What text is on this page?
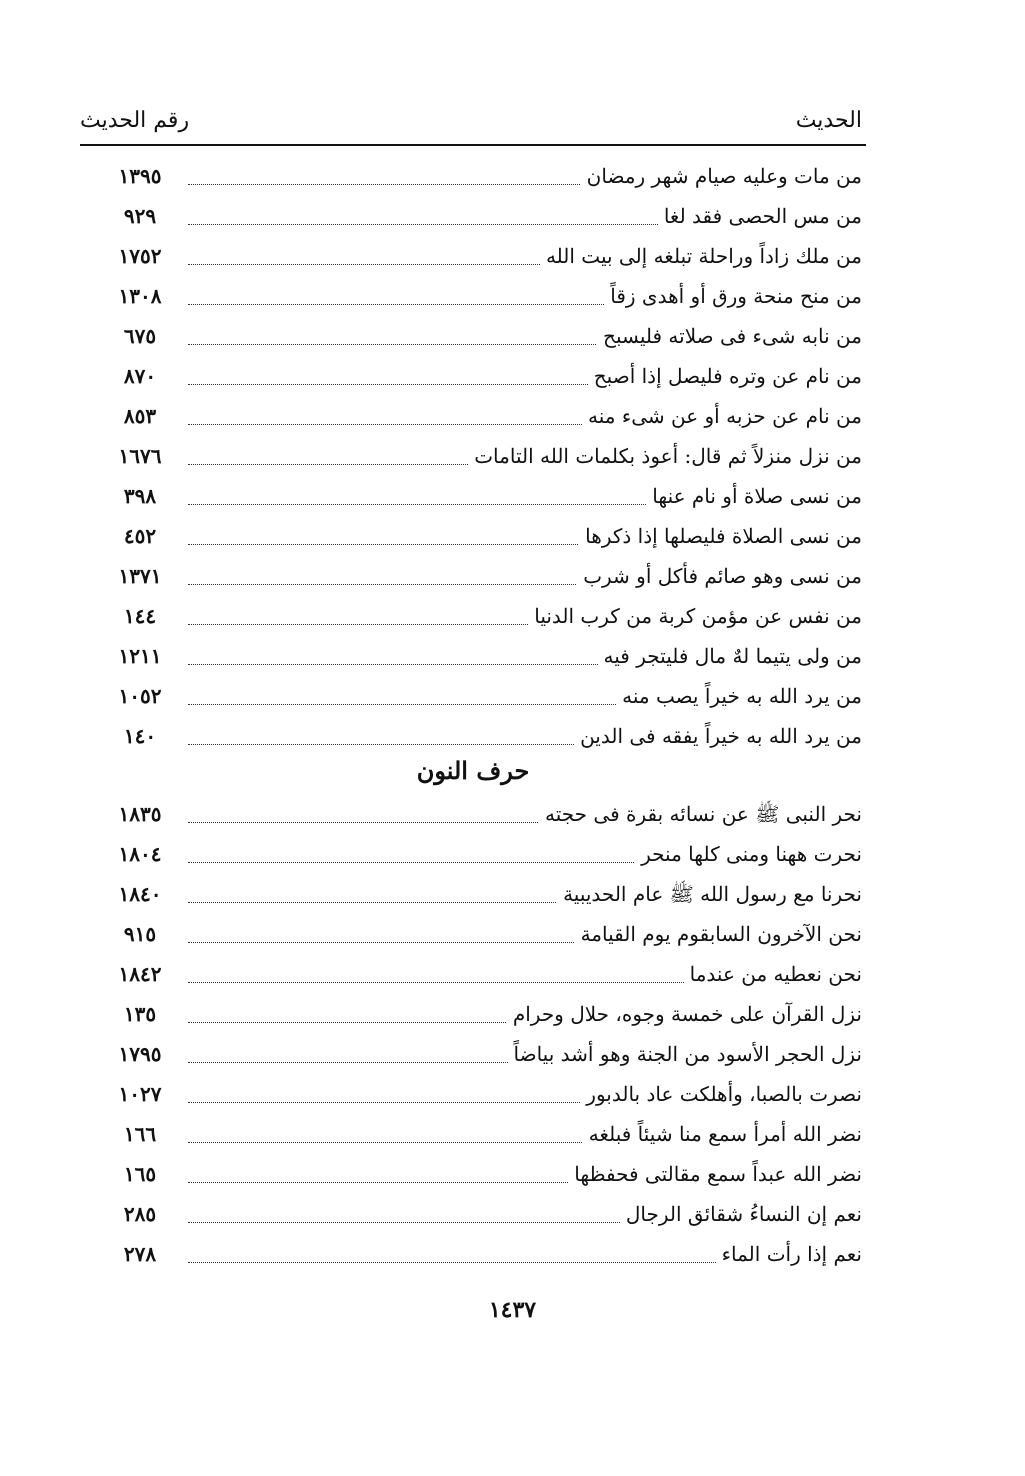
الحديث
رقم الحديث
من مات وعليه صيام شهر رمضان
١٣٩٥
من مس الحصى فقد لغا
٩٢٩
من ملك زاداً وراحلة تبلغه إلى بيت الله
١٧٥٢
من منح منحة ورق أو أهدى زقاً
١٣٠٨
من نابه شىء فى صلاته فليسبح
٦٧٥
من نام عن وتره فليصل إذا أصبح
٨٧٠
من نام عن حزبه أو عن شىء منه
٨٥٣
من نزل منزلاً ثم قال: أعوذ بكلمات الله التامات
١٦٧٦
من نسى صلاة أو نام عنها
٣٩٨
من نسى الصلاة فليصلها إذا ذكرها
٤٥٢
من نسى وهو صائم فأكل أو شرب
١٣٧١
من نفس عن مؤمن كربة من كرب الدنيا
١٤٤
من ولى يتيما لهٌ مال فليتجر فيه
١٢١١
من يرد الله به خيراً يصب منه
١٠٥٢
من يرد الله به خيراً يفقه فى الدين
١٤٠
حرف النون
نحر النبى ﷺ عن نسائه بقرة فى حجته
١٨٣٥
نحرت ههنا ومنى كلها منحر
١٨٠٤
نحرنا مع رسول الله ﷺ عام الحديبية
١٨٤٠
نحن الآخرون السابقوم يوم القيامة
٩١٥
نحن نعطيه من عندما
١٨٤٢
نزل القرآن على خمسة وجوه، حلال وحرام
١٣٥
نزل الحجر الأسود من الجنة وهو أشد بياضاً
١٧٩٥
نصرت بالصبا، وأهلكت عاد بالدبور
١٠٢٧
نضر الله أمرأ سمع منا شيئاً فبلغه
١٦٦
نضر الله عبداً سمع مقالتى فحفظها
١٦٥
نعم إن النساءُ شقائق الرجال
٢٨٥
نعم إذا رأت الماء
٢٧٨
١٤٣٧
